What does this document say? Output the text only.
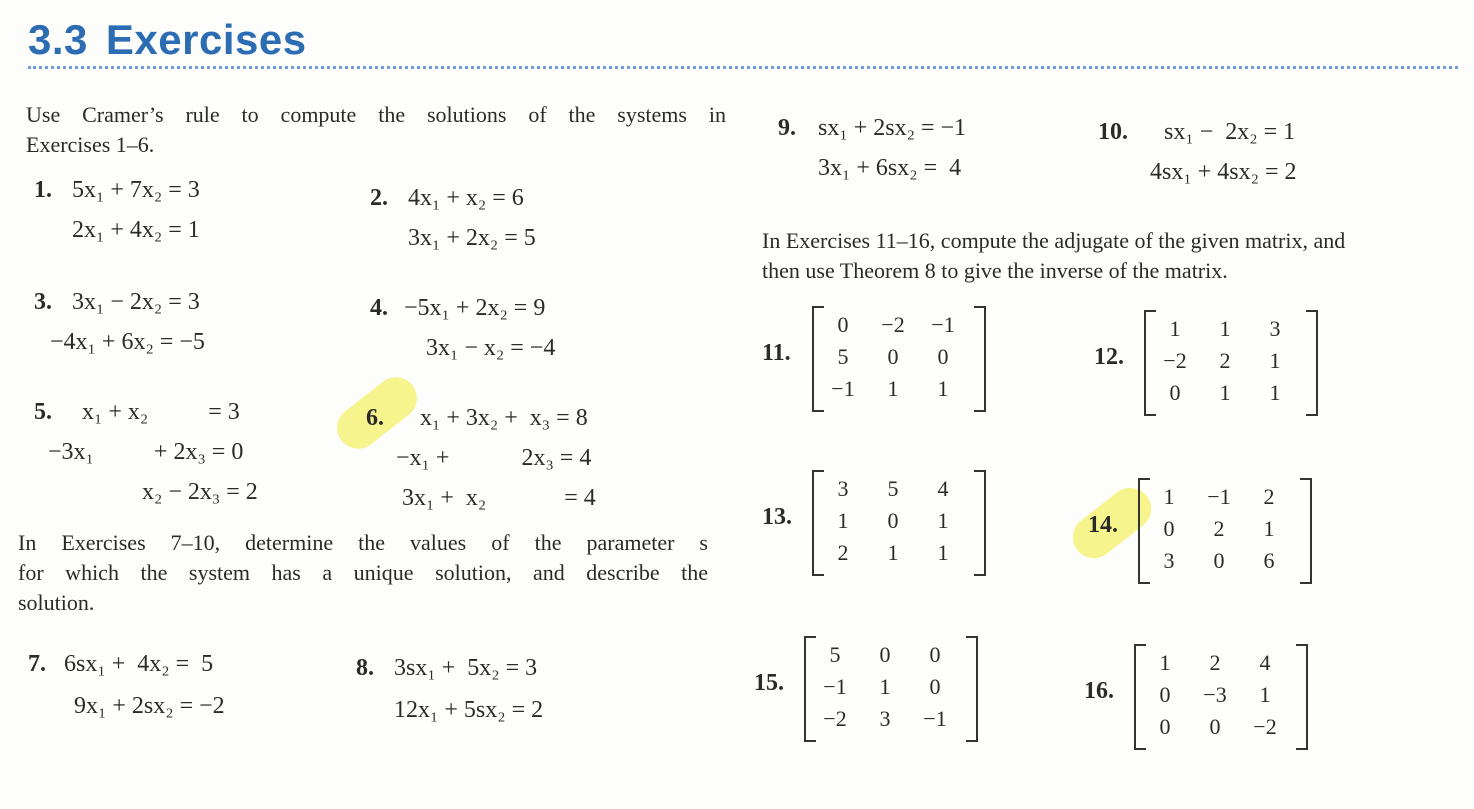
3.3 Exercises
Use Cramer’s rule to compute the solutions of the systems in
Exercises 1–6.
1. 5x₁ + 7x₂ = 3
2x₁ + 4x₂ = 1
2. 4x₁ + x₂ = 6
3x₁ + 2x₂ = 5
3. 3x₁ − 2x₂ = 3
−4x₁ + 6x₂ = −5
4. −5x₁ + 2x₂ = 9
3x₁ − x₂ = −4
5. x₁ + x₂          = 3
−3x₁          + 2x₃ = 0
x₂ − 2x₃ = 2
6. x₁ + 3x₂ +  x₃ = 8
−x₁ +            2x₃ = 4
3x₁ +  x₂             = 4
In Exercises 7–10, determine the values of the parameter s
for which the system has a unique solution, and describe the
solution.
7. 6sx₁ +  4x₂ =  5
9x₁ + 2sx₂ = −2
8. 3sx₁ +  5x₂ = 3
12x₁ + 5sx₂ = 2
9. sx₁ + 2sx₂ = −1
3x₁ + 6sx₂ =  4
10. sx₁ −  2x₂ = 1
4sx₁ + 4sx₂ = 2
In Exercises 11–16, compute the adjugate of the given matrix, and
then use Theorem 8 to give the inverse of the matrix.
11.
0	−2	−1
5	0	0
−1	1	1
12.
1	1	3
−2	2	1
0	1	1
13.
3	5	4
1	0	1
2	1	1
14.
1	−1	2
0	2	1
3	0	6
15.
5	0	0
−1	1	0
−2	3	−1
16.
1	2	4
0	−3	1
0	0	−2
